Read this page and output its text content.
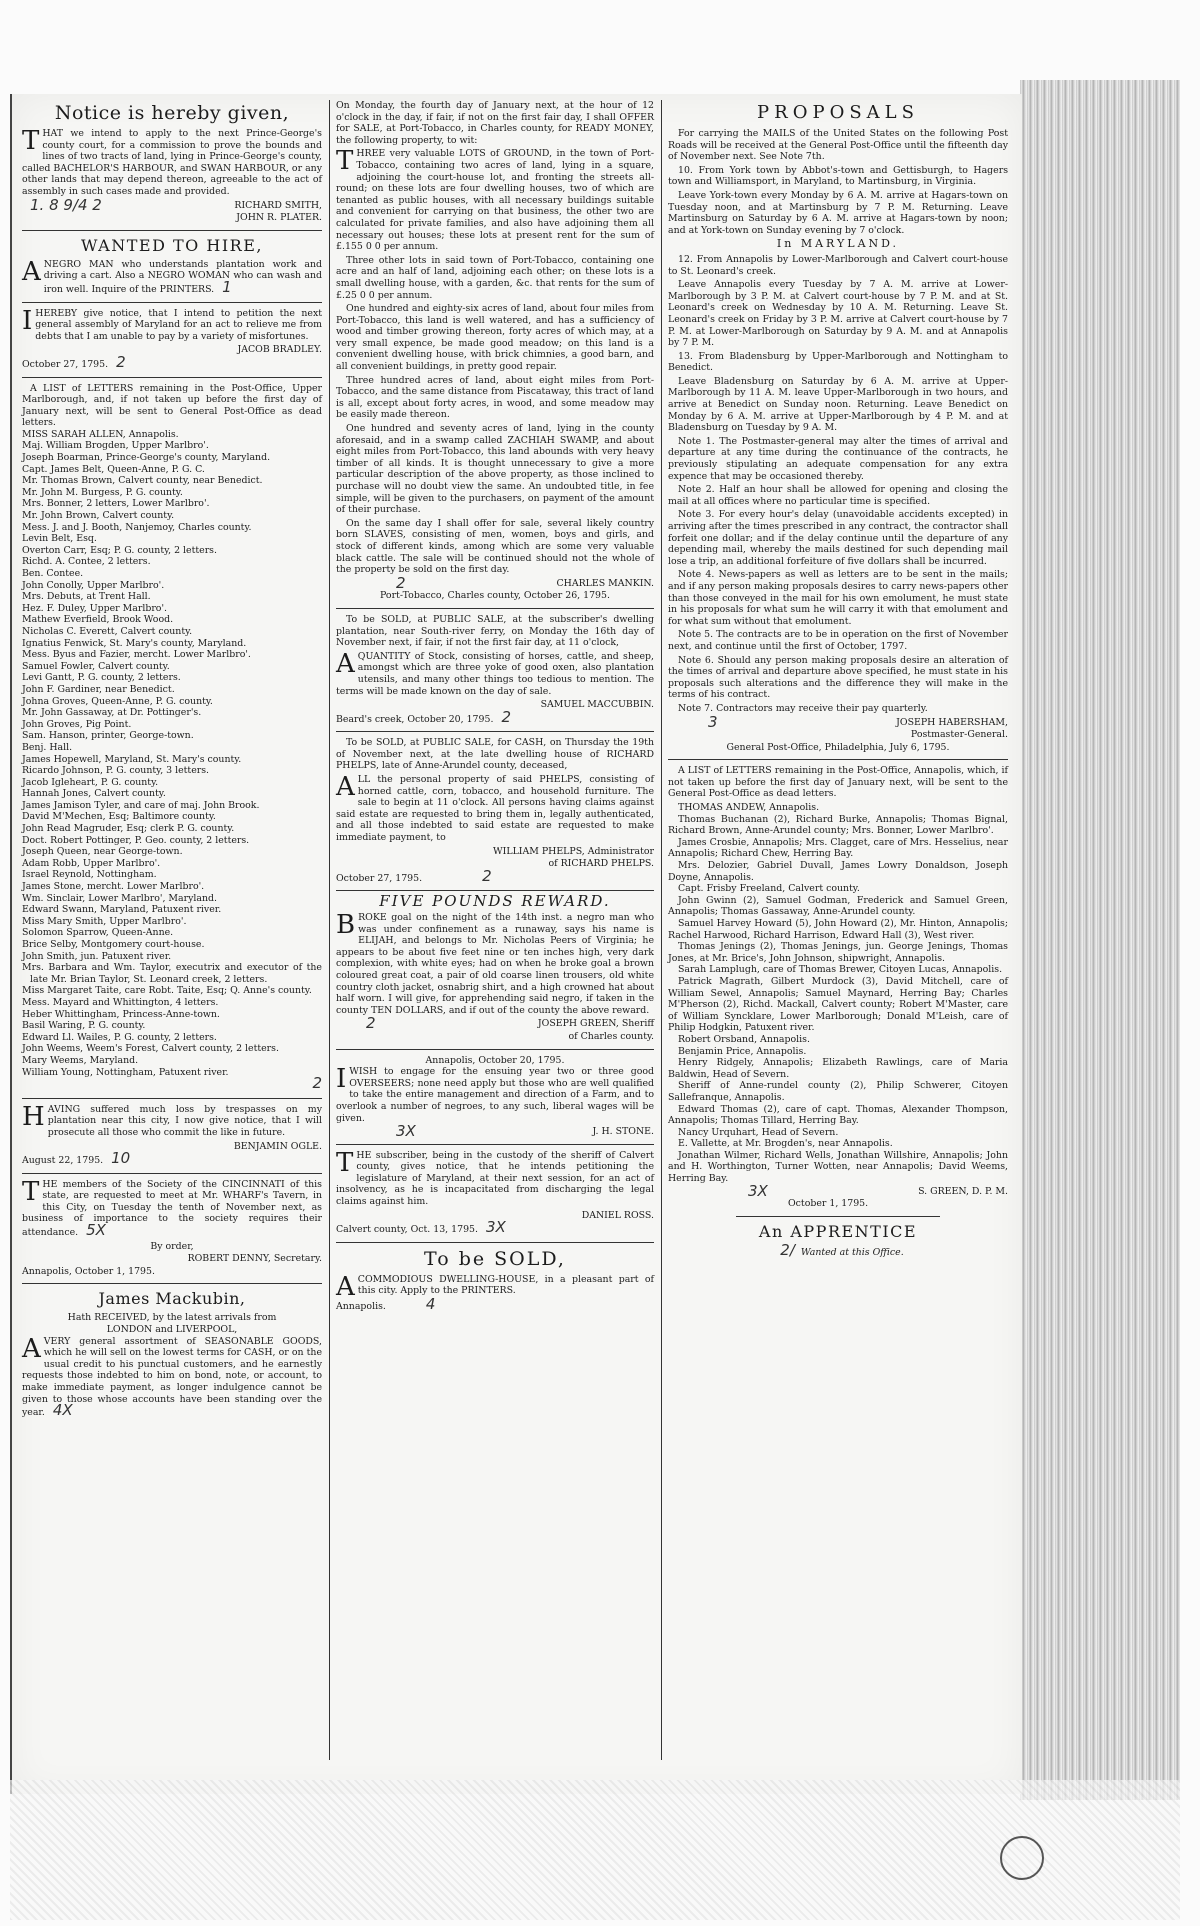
Notice is hereby given,

THAT we intend to apply to the next Prince-George's county court, for a commission to prove the bounds and lines of two tracts of land, lying in Prince-George's county, called BACHELOR'S HARBOUR, and SWAN HARBOUR, or any other lands that may depend thereon, agreeable to the act of assembly in such cases made and provided.

1. 8 9/4 2	RICHARD SMITH,
JOHN R. PLATER.
WANTED TO HIRE,

ANEGRO MAN who understands plantation work and driving a cart. Also a NEGRO WOMAN who can wash and iron well. Inquire of the PRINTERS. 1

IHEREBY give notice, that I intend to petition the next general assembly of Maryland for an act to relieve me from debts that I am unable to pay by a variety of misfortunes.

JACOB BRADLEY.
October 27, 1795. 2

A LIST of LETTERS remaining in the Post-Office, Upper Marlborough, and, if not taken up before the first day of January next, will be sent to General Post-Office as dead letters.

MISS SARAH ALLEN, Annapolis.

Maj. William Brogden, Upper Marlbro'.

Joseph Boarman, Prince-George's county, Maryland.

Capt. James Belt, Queen-Anne, P. G. C.

Mr. Thomas Brown, Calvert county, near Benedict.

Mr. John M. Burgess, P. G. county.

Mrs. Bonner, 2 letters, Lower Marlbro'.

Mr. John Brown, Calvert county.

Mess. J. and J. Booth, Nanjemoy, Charles county.

Levin Belt, Esq.

Overton Carr, Esq; P. G. county, 2 letters.

Richd. A. Contee, 2 letters.

Ben. Contee.

John Conolly, Upper Marlbro'.

Mrs. Debuts, at Trent Hall.

Hez. F. Duley, Upper Marlbro'.

Mathew Everfield, Brook Wood.

Nicholas C. Everett, Calvert county.

Ignatius Fenwick, St. Mary's county, Maryland.

Mess. Byus and Fazier, mercht. Lower Marlbro'.

Samuel Fowler, Calvert county.

Levi Gantt, P. G. county, 2 letters.

John F. Gardiner, near Benedict.

Johna Groves, Queen-Anne, P. G. county.

Mr. John Gassaway, at Dr. Pottinger's.

John Groves, Pig Point.

Sam. Hanson, printer, George-town.

Benj. Hall.

James Hopewell, Maryland, St. Mary's county.

Ricardo Johnson, P. G. county, 3 letters.

Jacob Igleheart, P. G. county.

Hannah Jones, Calvert county.

James Jamison Tyler, and care of maj. John Brook.

David M'Mechen, Esq; Baltimore county.

John Read Magruder, Esq; clerk P. G. county.

Doct. Robert Pottinger, P. Geo. county, 2 letters.

Joseph Queen, near George-town.

Adam Robb, Upper Marlbro'.

Israel Reynold, Nottingham.

James Stone, mercht. Lower Marlbro'.

Wm. Sinclair, Lower Marlbro', Maryland.

Edward Swann, Maryland, Patuxent river.

Miss Mary Smith, Upper Marlbro'.

Solomon Sparrow, Queen-Anne.

Brice Selby, Montgomery court-house.

John Smith, jun. Patuxent river.

Mrs. Barbara and Wm. Taylor, executrix and executor of the late Mr. Brian Taylor, St. Leonard creek, 2 letters.

Miss Margaret Taite, care Robt. Taite, Esq; Q. Anne's county.

Mess. Mayard and Whittington, 4 letters.

Heber Whittingham, Princess-Anne-town.

Basil Waring, P. G. county.

Edward Ll. Wailes, P. G. county, 2 letters.

John Weems, Weem's Forest, Calvert county, 2 letters.

Mary Weems, Maryland.

William Young, Nottingham, Patuxent river.

2

HAVING suffered much loss by trespasses on my plantation near this city, I now give notice, that I will prosecute all those who commit the like in future.

BENJAMIN OGLE.
August 22, 1795. 10

THE members of the Society of the CINCINNATI of this state, are requested to meet at Mr. WHARF's Tavern, in this City, on Tuesday the tenth of November next, as business of importance to the society requires their attendance. 5X

By order,
ROBERT DENNY, Secretary.
Annapolis, October 1, 1795.
James Mackubin,
Hath RECEIVED, by the latest arrivals from
LONDON and LIVERPOOL,

AVERY general assortment of SEASONABLE GOODS, which he will sell on the lowest terms for CASH, or on the usual credit to his punctual customers, and he earnestly requests those indebted to him on bond, note, or account, to make immediate payment, as longer indulgence cannot be given to those whose accounts have been standing over the year. 4X

On Monday, the fourth day of January next, at the hour of 12 o'clock in the day, if fair, if not on the first fair day, I shall OFFER for SALE, at Port-Tobacco, in Charles county, for READY MONEY, the following property, to wit:

THREE very valuable LOTS of GROUND, in the town of Port-Tobacco, containing two acres of land, lying in a square, adjoining the court-house lot, and fronting the streets all-round; on these lots are four dwelling houses, two of which are tenanted as public houses, with all necessary buildings suitable and convenient for carrying on that business, the other two are calculated for private families, and also have adjoining them all necessary out houses; these lots at present rent for the sum of £.155 0 0 per annum.

Three other lots in said town of Port-Tobacco, containing one acre and an half of land, adjoining each other; on these lots is a small dwelling house, with a garden, &c. that rents for the sum of £.25 0 0 per annum.

One hundred and eighty-six acres of land, about four miles from Port-Tobacco, this land is well watered, and has a sufficiency of wood and timber growing thereon, forty acres of which may, at a very small expence, be made good meadow; on this land is a convenient dwelling house, with brick chimnies, a good barn, and all convenient buildings, in pretty good repair.

Three hundred acres of land, about eight miles from Port-Tobacco, and the same distance from Piscataway, this tract of land is all, except about forty acres, in wood, and some meadow may be easily made thereon.

One hundred and seventy acres of land, lying in the county aforesaid, and in a swamp called ZACHIAH SWAMP, and about eight miles from Port-Tobacco, this land abounds with very heavy timber of all kinds. It is thought unnecessary to give a more particular description of the above property, as those inclined to purchase will no doubt view the same. An undoubted title, in fee simple, will be given to the purchasers, on payment of the amount of their purchase.

On the same day I shall offer for sale, several likely country born SLAVES, consisting of men, women, boys and girls, and stock of different kinds, among which are some very valuable black cattle. The sale will be continued should not the whole of the property be sold on the first day.

2	CHARLES MANKIN.
Port-Tobacco, Charles county, October 26, 1795.

To be SOLD, at PUBLIC SALE, at the subscriber's dwelling plantation, near South-river ferry, on Monday the 16th day of November next, if fair, if not the first fair day, at 11 o'clock,

AQUANTITY of Stock, consisting of horses, cattle, and sheep, amongst which are three yoke of good oxen, also plantation utensils, and many other things too tedious to mention. The terms will be made known on the day of sale.

SAMUEL MACCUBBIN.
Beard's creek, October 20, 1795. 2

To be SOLD, at PUBLIC SALE, for CASH, on Thursday the 19th of November next, at the late dwelling house of RICHARD PHELPS, late of Anne-Arundel county, deceased,

ALL the personal property of said PHELPS, consisting of horned cattle, corn, tobacco, and household furniture. The sale to begin at 11 o'clock. All persons having claims against said estate are requested to bring them in, legally authenticated, and all those indebted to said estate are requested to make immediate payment, to

WILLIAM PHELPS, Administrator
of RICHARD PHELPS.
October 27, 1795.	2
FIVE POUNDS REWARD.

BROKE goal on the night of the 14th inst. a negro man who was under confinement as a runaway, says his name is ELIJAH, and belongs to Mr. Nicholas Peers of Virginia; he appears to be about five feet nine or ten inches high, very dark complexion, with white eyes; had on when he broke goal a brown coloured great coat, a pair of old coarse linen trousers, old white country cloth jacket, osnabrig shirt, and a high crowned hat about half worn. I will give, for apprehending said negro, if taken in the county TEN DOLLARS, and if out of the county the above reward.

2	JOSEPH GREEN, Sheriff
of Charles county.
Annapolis, October 20, 1795.

IWISH to engage for the ensuing year two or three good OVERSEERS; none need apply but those who are well qualified to take the entire management and direction of a Farm, and to overlook a number of negroes, to any such, liberal wages will be given.

3X	J. H. STONE.

THE subscriber, being in the custody of the sheriff of Calvert county, gives notice, that he intends petitioning the legislature of Maryland, at their next session, for an act of insolvency, as he is incapacitated from discharging the legal claims against him.

DANIEL ROSS.
Calvert county, Oct. 13, 1795. 3X
To be SOLD,

ACOMMODIOUS DWELLING-HOUSE, in a pleasant part of this city. Apply to the PRINTERS.

Annapolis.	4
PROPOSALS

For carrying the MAILS of the United States on the following Post Roads will be received at the General Post-Office until the fifteenth day of November next. See Note 7th.

10. From York town by Abbot's-town and Gettisburgh, to Hagers town and Williamsport, in Maryland, to Martinsburg, in Virginia.

Leave York-town every Monday by 6 A. M. arrive at Hagars-town on Tuesday noon, and at Martinsburg by 7 P. M. Returning. Leave Martinsburg on Saturday by 6 A. M. arrive at Hagars-town by noon; and at York-town on Sunday evening by 7 o'clock.

In MARYLAND.

12. From Annapolis by Lower-Marlborough and Calvert court-house to St. Leonard's creek.

Leave Annapolis every Tuesday by 7 A. M. arrive at Lower-Marlborough by 3 P. M. at Calvert court-house by 7 P. M. and at St. Leonard's creek on Wednesday by 10 A. M. Returning. Leave St. Leonard's creek on Friday by 3 P. M. arrive at Calvert court-house by 7 P. M. at Lower-Marlborough on Saturday by 9 A. M. and at Annapolis by 7 P. M.

13. From Bladensburg by Upper-Marlborough and Nottingham to Benedict.

Leave Bladensburg on Saturday by 6 A. M. arrive at Upper-Marlborough by 11 A. M. leave Upper-Marlborough in two hours, and arrive at Benedict on Sunday noon. Returning. Leave Benedict on Monday by 6 A. M. arrive at Upper-Marlborough by 4 P. M. and at Bladensburg on Tuesday by 9 A. M.

Note 1. The Postmaster-general may alter the times of arrival and departure at any time during the continuance of the contracts, he previously stipulating an adequate compensation for any extra expence that may be occasioned thereby.

Note 2. Half an hour shall be allowed for opening and closing the mail at all offices where no particular time is specified.

Note 3. For every hour's delay (unavoidable accidents excepted) in arriving after the times prescribed in any contract, the contractor shall forfeit one dollar; and if the delay continue until the departure of any depending mail, whereby the mails destined for such depending mail lose a trip, an additional forfeiture of five dollars shall be incurred.

Note 4. News-papers as well as letters are to be sent in the mails; and if any person making proposals desires to carry news-papers other than those conveyed in the mail for his own emolument, he must state in his proposals for what sum he will carry it with that emolument and for what sum without that emolument.

Note 5. The contracts are to be in operation on the first of November next, and continue until the first of October, 1797.

Note 6. Should any person making proposals desire an alteration of the times of arrival and departure above specified, he must state in his proposals such alterations and the difference they will make in the terms of his contract.

Note 7. Contractors may receive their pay quarterly.

3	JOSEPH HABERSHAM,
Postmaster-General.
General Post-Office, Philadelphia, July 6, 1795.

A LIST of LETTERS remaining in the Post-Office, Annapolis, which, if not taken up before the first day of January next, will be sent to the General Post-Office as dead letters.

THOMAS ANDEW, Annapolis.

Thomas Buchanan (2), Richard Burke, Annapolis; Thomas Bignal, Richard Brown, Anne-Arundel county; Mrs. Bonner, Lower Marlbro'.

James Crosbie, Annapolis; Mrs. Clagget, care of Mrs. Hesselius, near Annapolis; Richard Chew, Herring Bay.

Mrs. Delozier, Gabriel Duvall, James Lowry Donaldson, Joseph Doyne, Annapolis.

Capt. Frisby Freeland, Calvert county.

John Gwinn (2), Samuel Godman, Frederick and Samuel Green, Annapolis; Thomas Gassaway, Anne-Arundel county.

Samuel Harvey Howard (5), John Howard (2), Mr. Hinton, Annapolis; Rachel Harwood, Richard Harrison, Edward Hall (3), West river.

Thomas Jenings (2), Thomas Jenings, jun. George Jenings, Thomas Jones, at Mr. Brice's, John Johnson, shipwright, Annapolis.

Sarah Lamplugh, care of Thomas Brewer, Citoyen Lucas, Annapolis.

Patrick Magrath, Gilbert Murdock (3), David Mitchell, care of William Sewel, Annapolis; Samuel Maynard, Herring Bay; Charles M'Pherson (2), Richd. Mackall, Calvert county; Robert M'Master, care of William Syncklare, Lower Marlborough; Donald M'Leish, care of Philip Hodgkin, Patuxent river.

Robert Orsband, Annapolis.

Benjamin Price, Annapolis.

Henry Ridgely, Annapolis; Elizabeth Rawlings, care of Maria Baldwin, Head of Severn.

Sheriff of Anne-rundel county (2), Philip Schwerer, Citoyen Sallefranque, Annapolis.

Edward Thomas (2), care of capt. Thomas, Alexander Thompson, Annapolis; Thomas Tillard, Herring Bay.

Nancy Urquhart, Head of Severn.

E. Vallette, at Mr. Brogden's, near Annapolis.

Jonathan Wilmer, Richard Wells, Jonathan Willshire, Annapolis; John and H. Worthington, Turner Wotten, near Annapolis; David Weems, Herring Bay.

3X	S. GREEN, D. P. M.
October 1, 1795.
An APPRENTICE
2/ Wanted at this Office.
